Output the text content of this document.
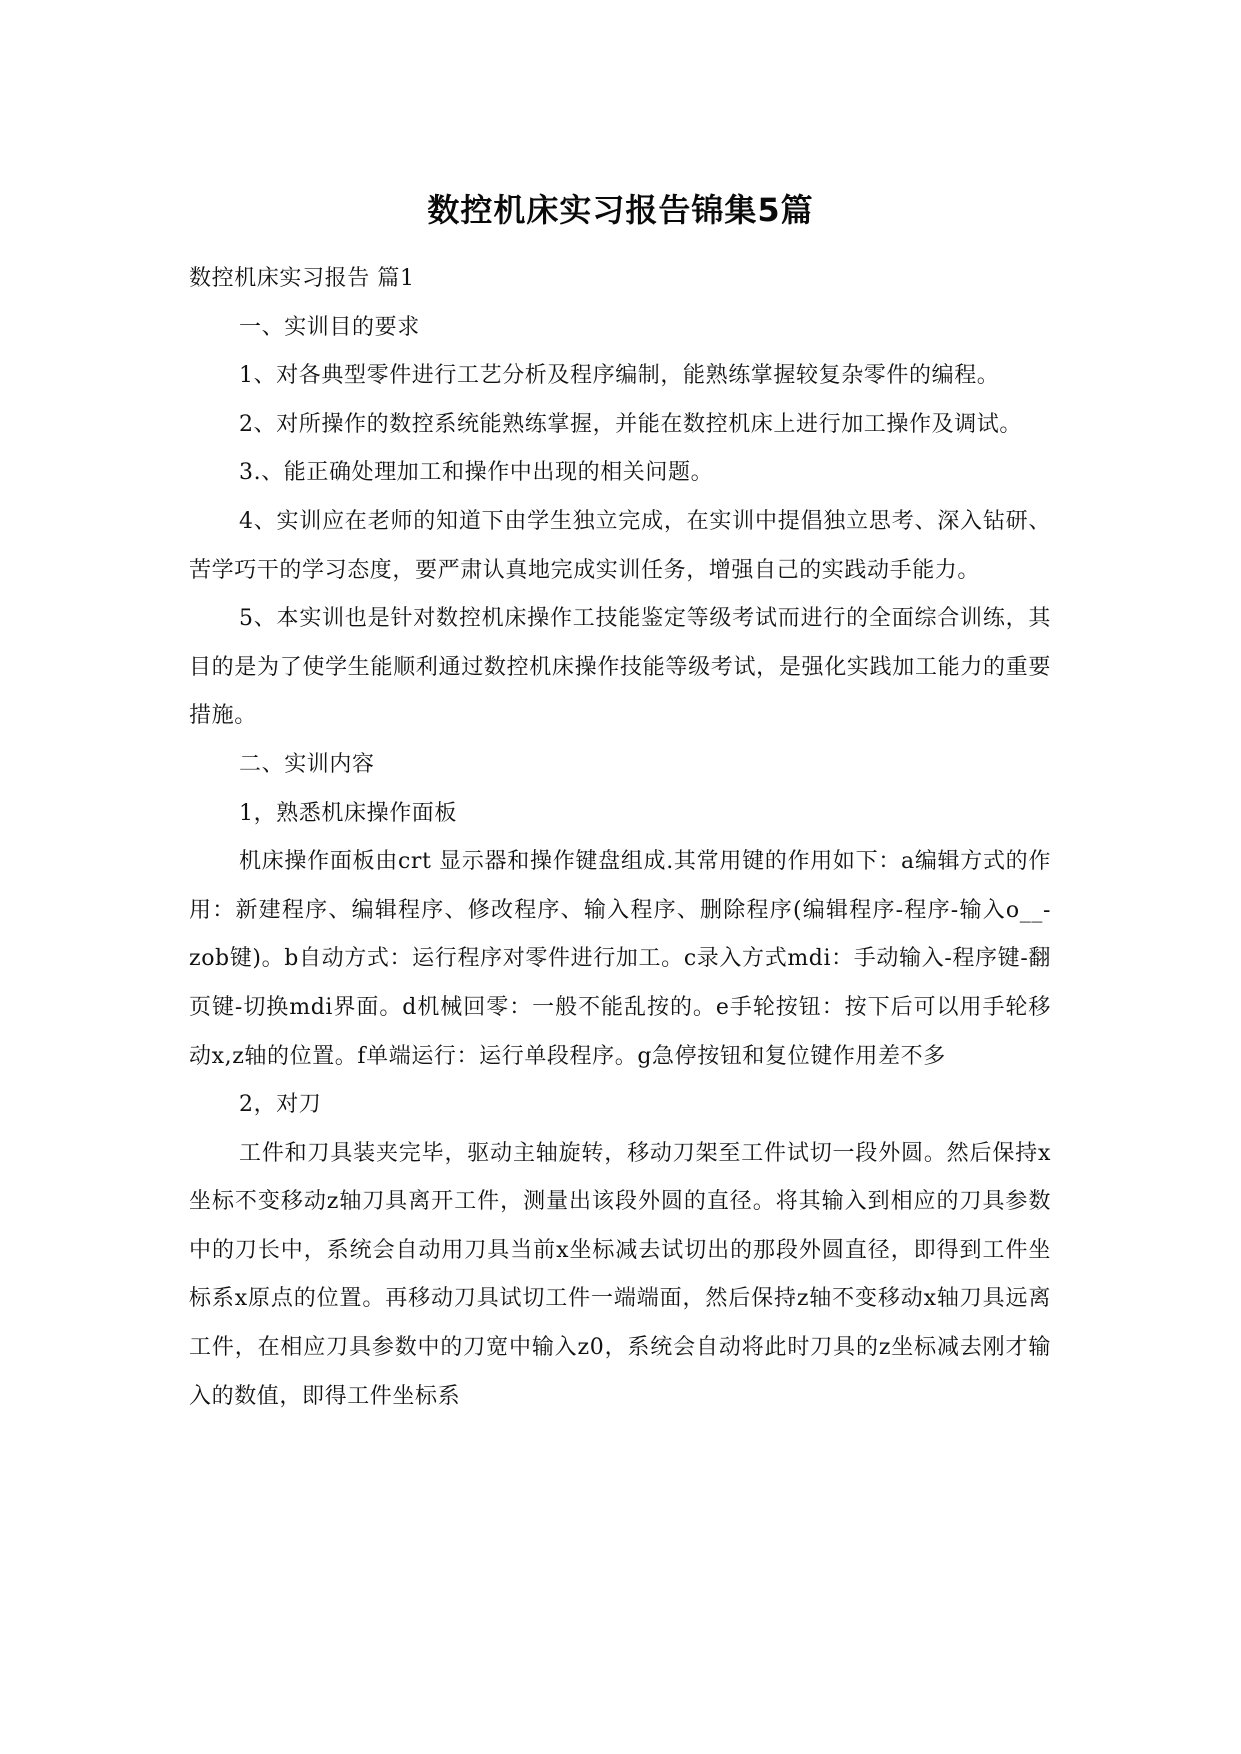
数控机床实习报告锦集5篇

数控机床实习报告 篇1

一、实训目的要求

1、对各典型零件进行工艺分析及程序编制，能熟练掌握较复杂零件的编程。

2、对所操作的数控系统能熟练掌握，并能在数控机床上进行加工操作及调试。

3.、能正确处理加工和操作中出现的相关问题。

4、实训应在老师的知道下由学生独立完成，在实训中提倡独立思考、深入钻研、苦学巧干的学习态度，要严肃认真地完成实训任务，增强自己的实践动手能力。

5、本实训也是针对数控机床操作工技能鉴定等级考试而进行的全面综合训练，其目的是为了使学生能顺利通过数控机床操作技能等级考试，是强化实践加工能力的重要措施。

二、实训内容

1，熟悉机床操作面板

机床操作面板由crt 显示器和操作键盘组成.其常用键的作用如下：a编辑方式的作用：新建程序、编辑程序、修改程序、输入程序、删除程序(编辑程序-程序-输入o__-zob键)。b自动方式：运行程序对零件进行加工。c录入方式mdi：手动输入-程序键-翻页键-切换mdi界面。d机械回零：一般不能乱按的。e手轮按钮：按下后可以用手轮移动x,z轴的位置。f单端运行：运行单段程序。g急停按钮和复位键作用差不多

2，对刀

工件和刀具装夹完毕，驱动主轴旋转，移动刀架至工件试切一段外圆。然后保持x坐标不变移动z轴刀具离开工件，测量出该段外圆的直径。将其输入到相应的刀具参数中的刀长中，系统会自动用刀具当前x坐标减去试切出的那段外圆直径，即得到工件坐标系x原点的位置。再移动刀具试切工件一端端面，然后保持z轴不变移动x轴刀具远离工件，在相应刀具参数中的刀宽中输入z0，系统会自动将此时刀具的z坐标减去刚才输入的数值，即得工件坐标系
